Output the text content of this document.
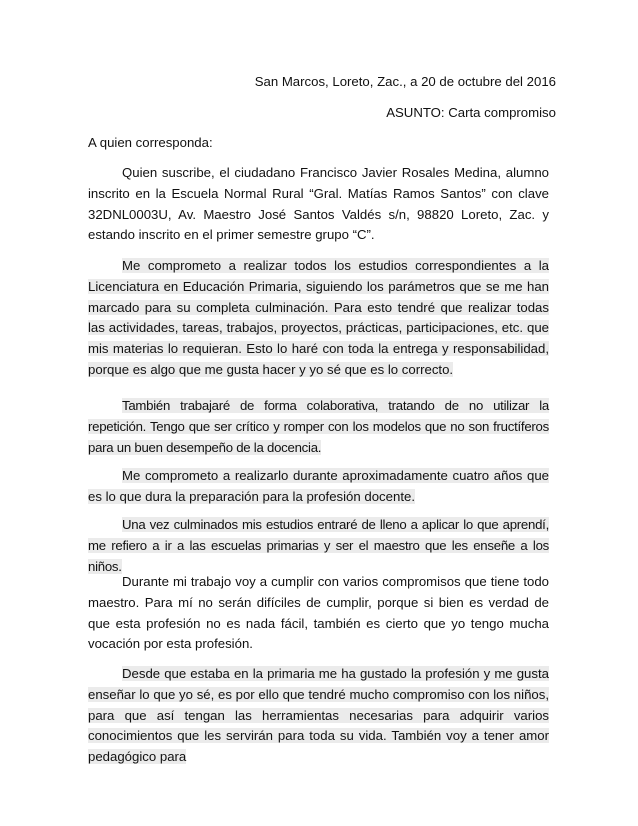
San Marcos, Loreto, Zac., a 20 de octubre del 2016
ASUNTO: Carta compromiso
A quien corresponda:

Quien suscribe, el ciudadano Francisco Javier Rosales Medina, alumno inscrito en la Escuela Normal Rural “Gral. Matías Ramos Santos” con clave 32DNL0003U, Av. Maestro José Santos Valdés s/n, 98820 Loreto, Zac. y estando inscrito en el primer semestre grupo “C”.

Me comprometo a realizar todos los estudios correspondientes a la Licenciatura en Educación Primaria, siguiendo los parámetros que se me han marcado para su completa culminación. Para esto tendré que realizar todas las actividades, tareas, trabajos, proyectos, prácticas, participaciones, etc. que mis materias lo requieran. Esto lo haré con toda la entrega y responsabilidad, porque es algo que me gusta hacer y yo sé que es lo correcto.

También trabajaré de forma colaborativa, tratando de no utilizar la repetición. Tengo que ser crítico y romper con los modelos que no son fructíferos para un buen desempeño de la docencia.

Me comprometo a realizarlo durante aproximadamente cuatro años que es lo que dura la preparación para la profesión docente.

Una vez culminados mis estudios entraré de lleno a aplicar lo que aprendí, me refiero a ir a las escuelas primarias y ser el maestro que les enseñe a los niños.

Durante mi trabajo voy a cumplir con varios compromisos que tiene todo maestro. Para mí no serán difíciles de cumplir, porque si bien es verdad de que esta profesión no es nada fácil, también es cierto que yo tengo mucha vocación por esta profesión.

Desde que estaba en la primaria me ha gustado la profesión y me gusta enseñar lo que yo sé, es por ello que tendré mucho compromiso con los niños, para que así tengan las herramientas necesarias para adquirir varios conocimientos que les servirán para toda su vida. También voy a tener amor pedagógico para
